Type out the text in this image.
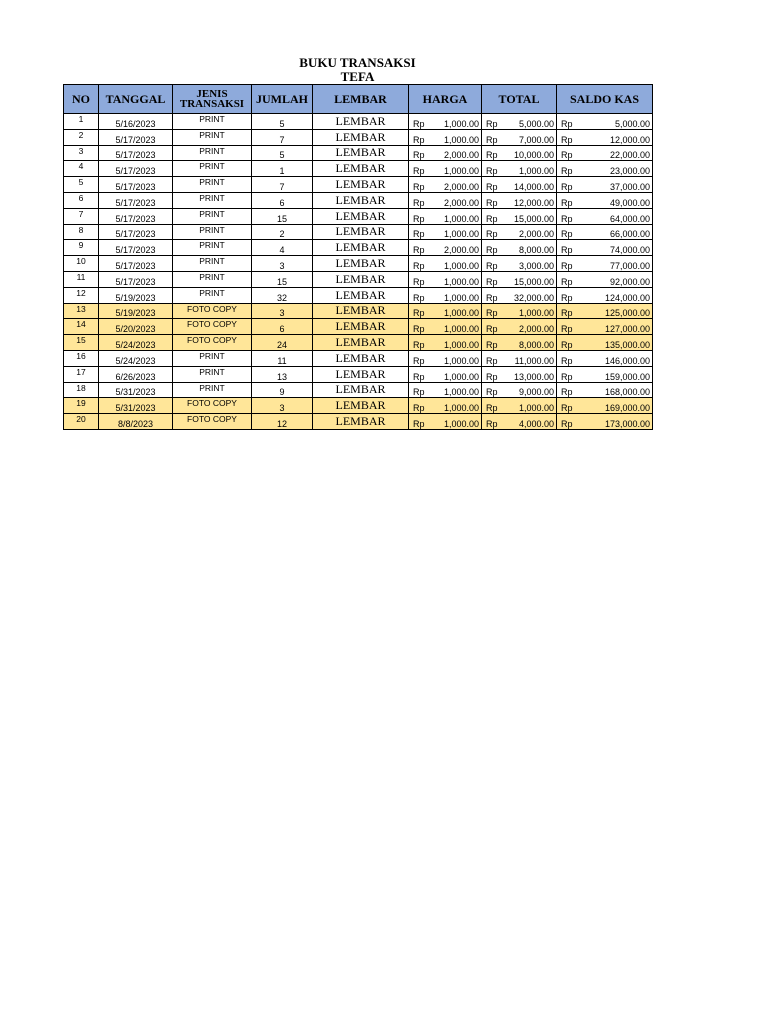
BUKU TRANSAKSI
TEFA
NO	TANGGAL	JENIS
TRANSAKSI	JUMLAH	LEMBAR	HARGA	TOTAL	SALDO KAS
1	5/16/2023	PRINT	5	LEMBAR	Rp 1,000.00	Rp 5,000.00	Rp 5,000.00

2	5/17/2023	PRINT	7	LEMBAR	Rp 1,000.00	Rp 7,000.00	Rp 12,000.00

3	5/17/2023	PRINT	5	LEMBAR	Rp 2,000.00	Rp 10,000.00	Rp 22,000.00

4	5/17/2023	PRINT	1	LEMBAR	Rp 1,000.00	Rp 1,000.00	Rp 23,000.00

5	5/17/2023	PRINT	7	LEMBAR	Rp 2,000.00	Rp 14,000.00	Rp 37,000.00

6	5/17/2023	PRINT	6	LEMBAR	Rp 2,000.00	Rp 12,000.00	Rp 49,000.00

7	5/17/2023	PRINT	15	LEMBAR	Rp 1,000.00	Rp 15,000.00	Rp 64,000.00

8	5/17/2023	PRINT	2	LEMBAR	Rp 1,000.00	Rp 2,000.00	Rp 66,000.00

9	5/17/2023	PRINT	4	LEMBAR	Rp 2,000.00	Rp 8,000.00	Rp 74,000.00

10	5/17/2023	PRINT	3	LEMBAR	Rp 1,000.00	Rp 3,000.00	Rp 77,000.00

11	5/17/2023	PRINT	15	LEMBAR	Rp 1,000.00	Rp 15,000.00	Rp 92,000.00

12	5/19/2023	PRINT	32	LEMBAR	Rp 1,000.00	Rp 32,000.00	Rp 124,000.00

13	5/19/2023	FOTO COPY	3	LEMBAR	Rp 1,000.00	Rp 1,000.00	Rp 125,000.00

14	5/20/2023	FOTO COPY	6	LEMBAR	Rp 1,000.00	Rp 2,000.00	Rp 127,000.00

15	5/24/2023	FOTO COPY	24	LEMBAR	Rp 1,000.00	Rp 8,000.00	Rp 135,000.00

16	5/24/2023	PRINT	11	LEMBAR	Rp 1,000.00	Rp 11,000.00	Rp 146,000.00

17	6/26/2023	PRINT	13	LEMBAR	Rp 1,000.00	Rp 13,000.00	Rp 159,000.00

18	5/31/2023	PRINT	9	LEMBAR	Rp 1,000.00	Rp 9,000.00	Rp 168,000.00

19	5/31/2023	FOTO COPY	3	LEMBAR	Rp 1,000.00	Rp 1,000.00	Rp 169,000.00

20	8/8/2023	FOTO COPY	12	LEMBAR	Rp 1,000.00	Rp 4,000.00	Rp 173,000.00
